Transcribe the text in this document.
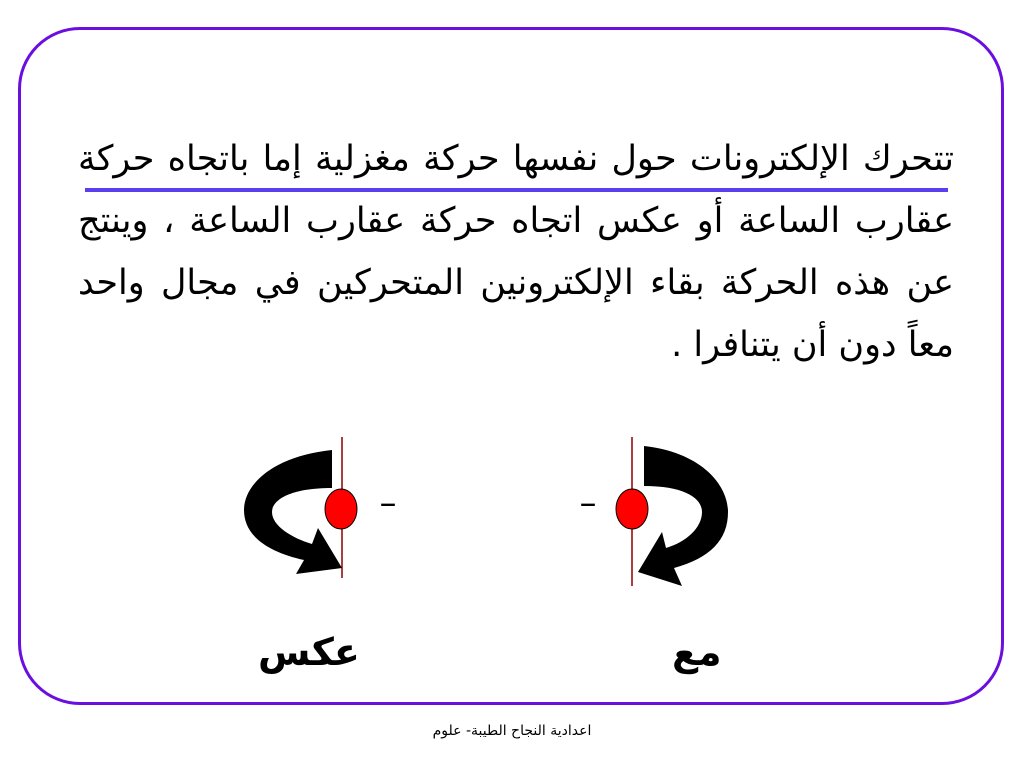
تتحرك الإلكترونات حول نفسها حركة مغزلية إما باتجاه حركة عقارب الساعة أو عكس اتجاه حركة عقارب الساعة ، وينتج عن هذه الحركة بقاء الإلكترونين المتحركين في مجال واحد معاً دون أن يتنافرا .

–	–
عكس	مع
اعدادية النجاح الطيبة- علوم
